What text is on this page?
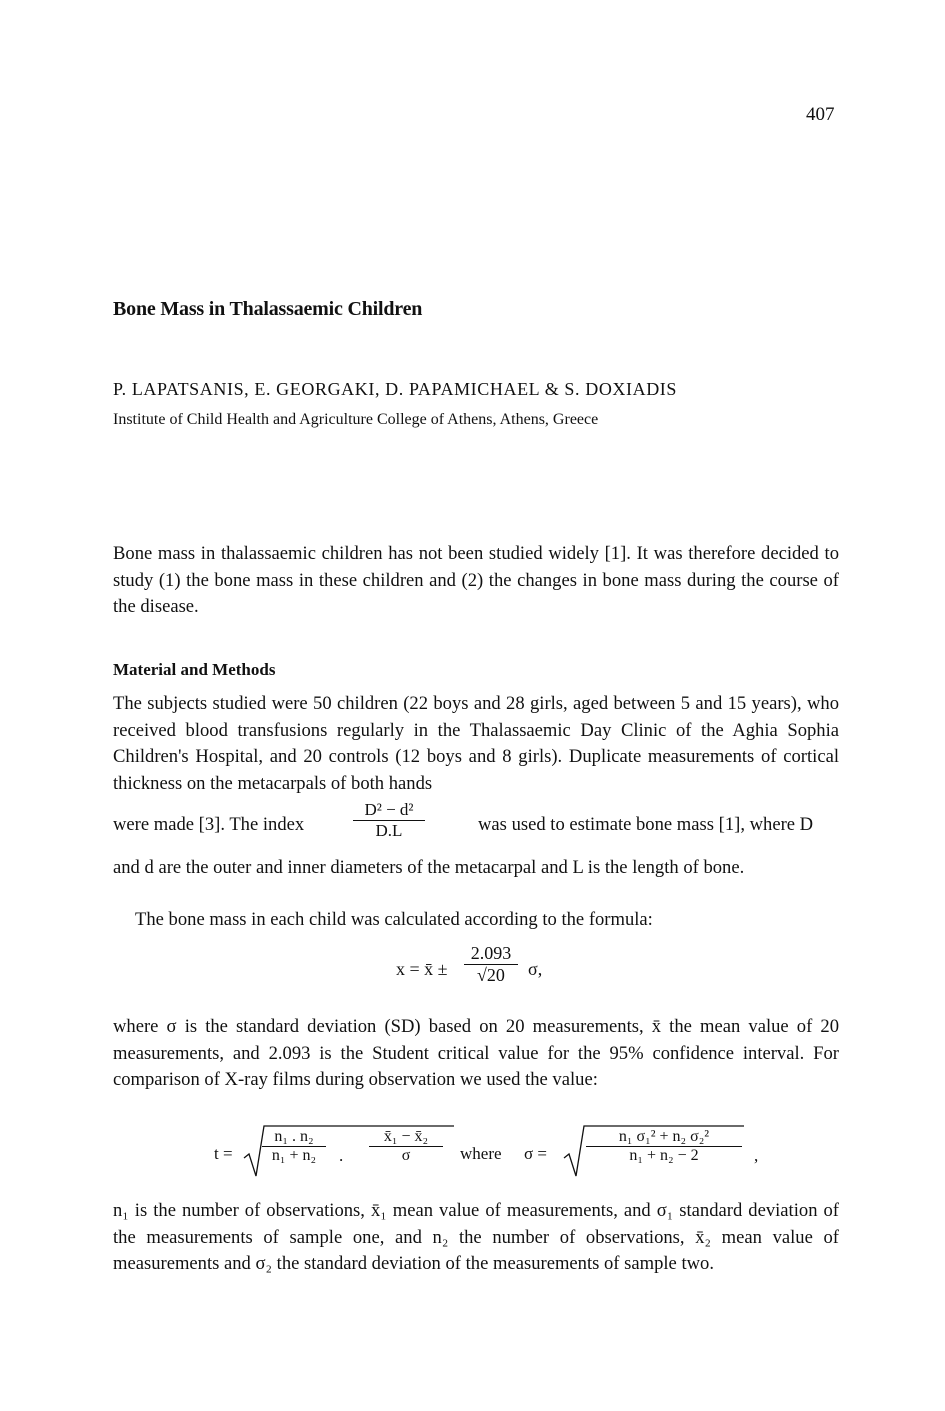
407
Bone Mass in Thalassaemic Children
P. LAPATSANIS, E. GEORGAKI, D. PAPAMICHAEL & S. DOXIADIS
Institute of Child Health and Agriculture College of Athens, Athens, Greece
Bone mass in thalassaemic children has not been studied widely [1]. It was therefore decided to study (1) the bone mass in these children and (2) the changes in bone mass during the course of the disease.
Material and Methods
The subjects studied were 50 children (22 boys and 28 girls, aged between 5 and 15 years), who received blood transfusions regularly in the Thalassaemic Day Clinic of the Aghia Sophia Children's Hospital, and 20 controls (12 boys and 8 girls). Duplicate measurements of cortical thickness on the metacarpals of both hands
were made [3]. The index
D² − d²
D.L	was used to estimate bone mass [1], where D
and d are the outer and inner diameters of the metacarpal and L is the length of bone.
The bone mass in each child was calculated according to the formula:
x = x̄ ±
2.093
√20	σ,
where σ is the standard deviation (SD) based on 20 measurements, x̄ the mean value of 20 measurements, and 2.093 is the Student critical value for the 95% confidence interval. For comparison of X-ray films during observation we used the value:
t =
n₁ . n₂
n₁ + n₂	.
x̄₁ − x̄₂
σ	where σ =
n₁ σ₁² + n₂ σ₂²
n₁ + n₂ − 2	,
n₁ is the number of observations, x̄₁ mean value of measurements, and σ₁ standard deviation of the measurements of sample one, and n₂ the number of observations, x̄₂ mean value of measurements and σ₂ the standard deviation of the measurements of sample two.
